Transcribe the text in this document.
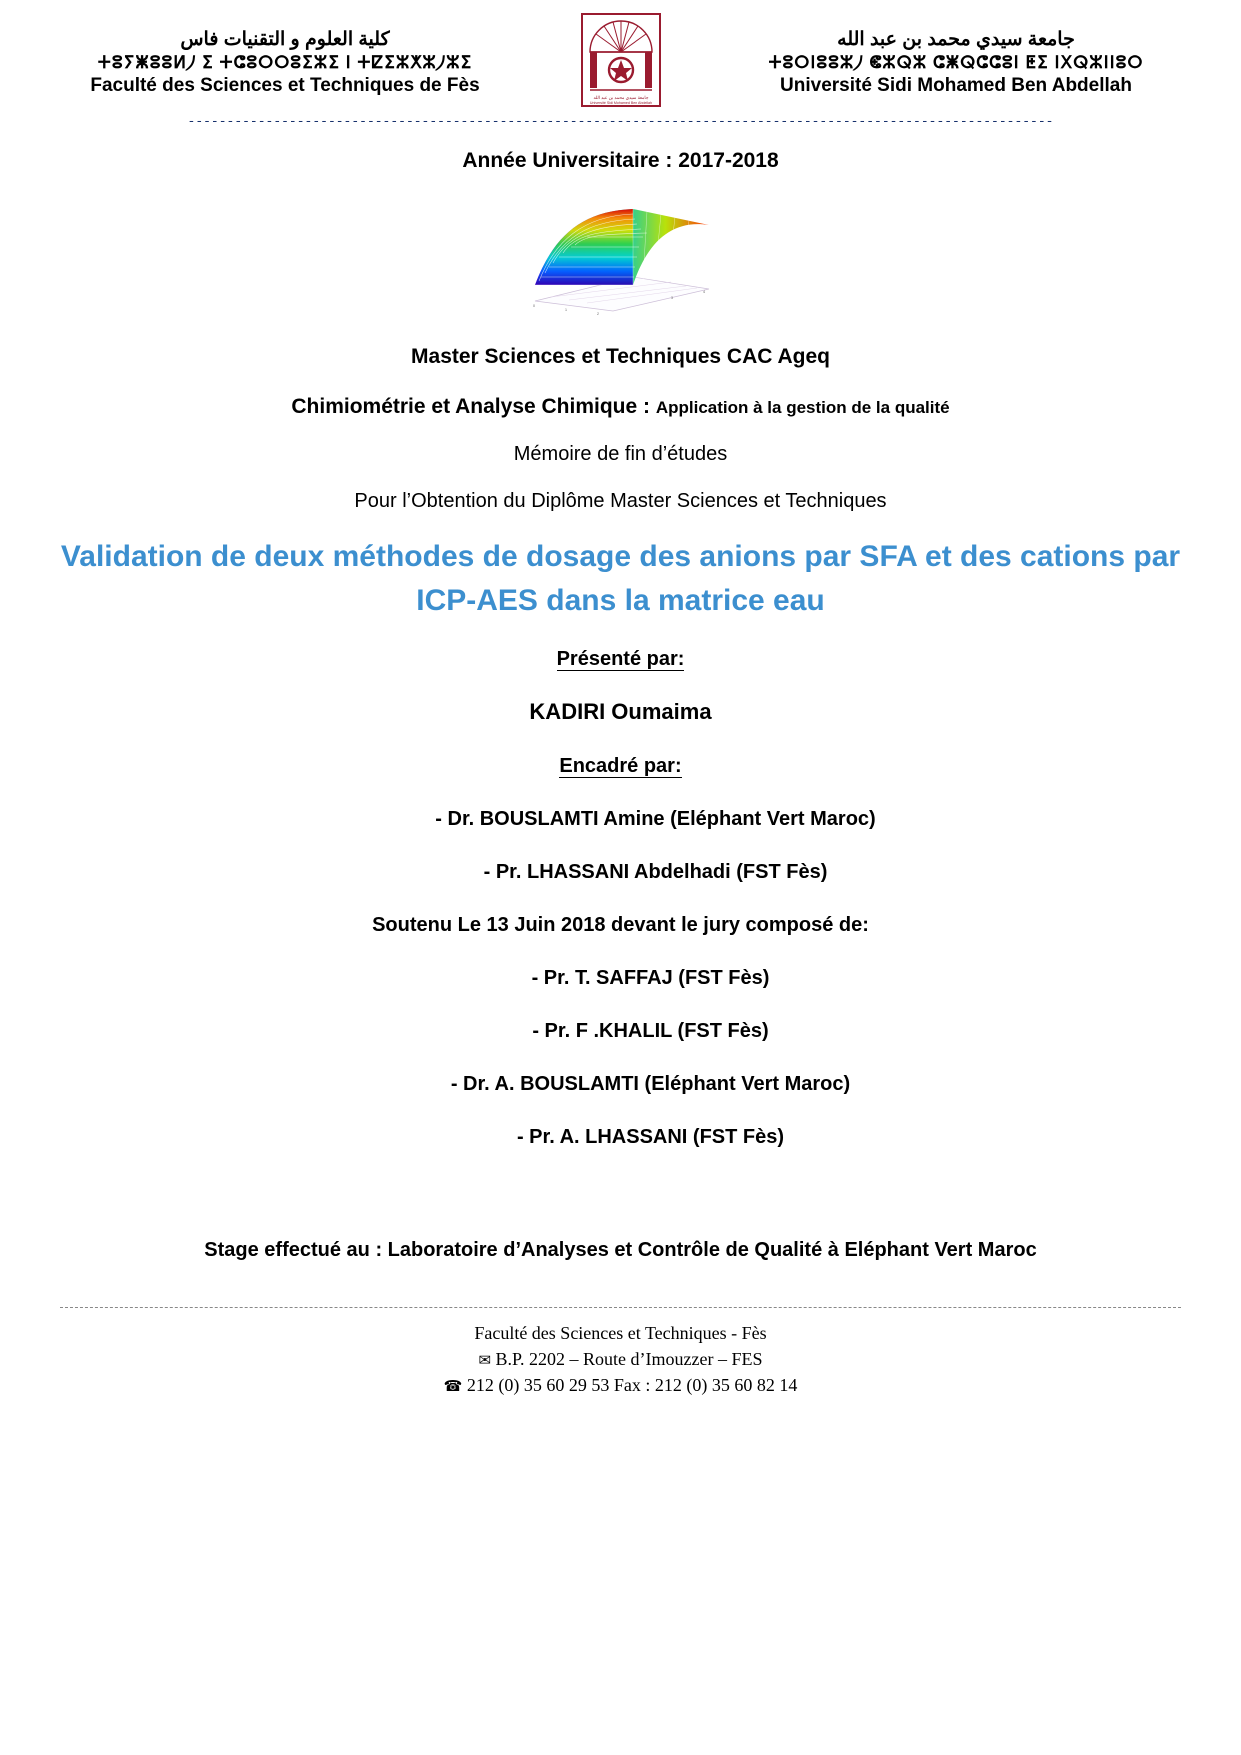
كلية العلوم و التقنيات فاس
ⵜⵓⵢⵥⵓⵓⵍ⵰ ⵉ ⵜⵛⵓⵔⵔⵓⵉⵣⵉ ⵏ ⵜⵇⵉⵣⵅⵣ⵰ⵣⵉ
Faculté des Sciences et Techniques de Fès
جامعة سيدي محمد بن عبد الله
Université Sidi Mohamed Ben Abdellah
جامعة سيدي محمد بن عبد الله
ⵜⵓⵔⵏⵓⵓⵣ⵰ ⵞⵣⵕⵣ ⵛⵥⵕⵛⵛⵓⵏ ⵟⵉ ⵏⵝⵕⵣⵏⵏⵓⵔ
Université Sidi Mohamed Ben Abdellah
---------------------------------------------------------------------------------------------------------------
Année Universitaire : 2017-2018
0
1
2
3
4
Master Sciences et Techniques CAC Ageq
Chimiométrie et Analyse Chimique : Application à la gestion de la qualité
Mémoire de fin d’études
Pour l’Obtention du Diplôme Master Sciences et Techniques
Validation de deux méthodes de dosage des anions par SFA et des cations par ICP-AES dans la matrice eau
Présenté par:
KADIRI Oumaima
Encadré par:
- Dr. BOUSLAMTI Amine (Eléphant Vert Maroc)
- Pr. LHASSANI Abdelhadi (FST Fès)
Soutenu Le 13 Juin 2018 devant le jury composé de:
- Pr. T. SAFFAJ (FST Fès)
- Pr. F .KHALIL (FST Fès)
- Dr. A. BOUSLAMTI (Eléphant Vert Maroc)
- Pr. A. LHASSANI (FST Fès)
Stage effectué au : Laboratoire d’Analyses et Contrôle de Qualité à Eléphant Vert Maroc
Faculté des Sciences et Techniques - Fès
✉ B.P. 2202 – Route d’Imouzzer – FES
☎ 212 (0) 35 60 29 53 Fax : 212 (0) 35 60 82 14
